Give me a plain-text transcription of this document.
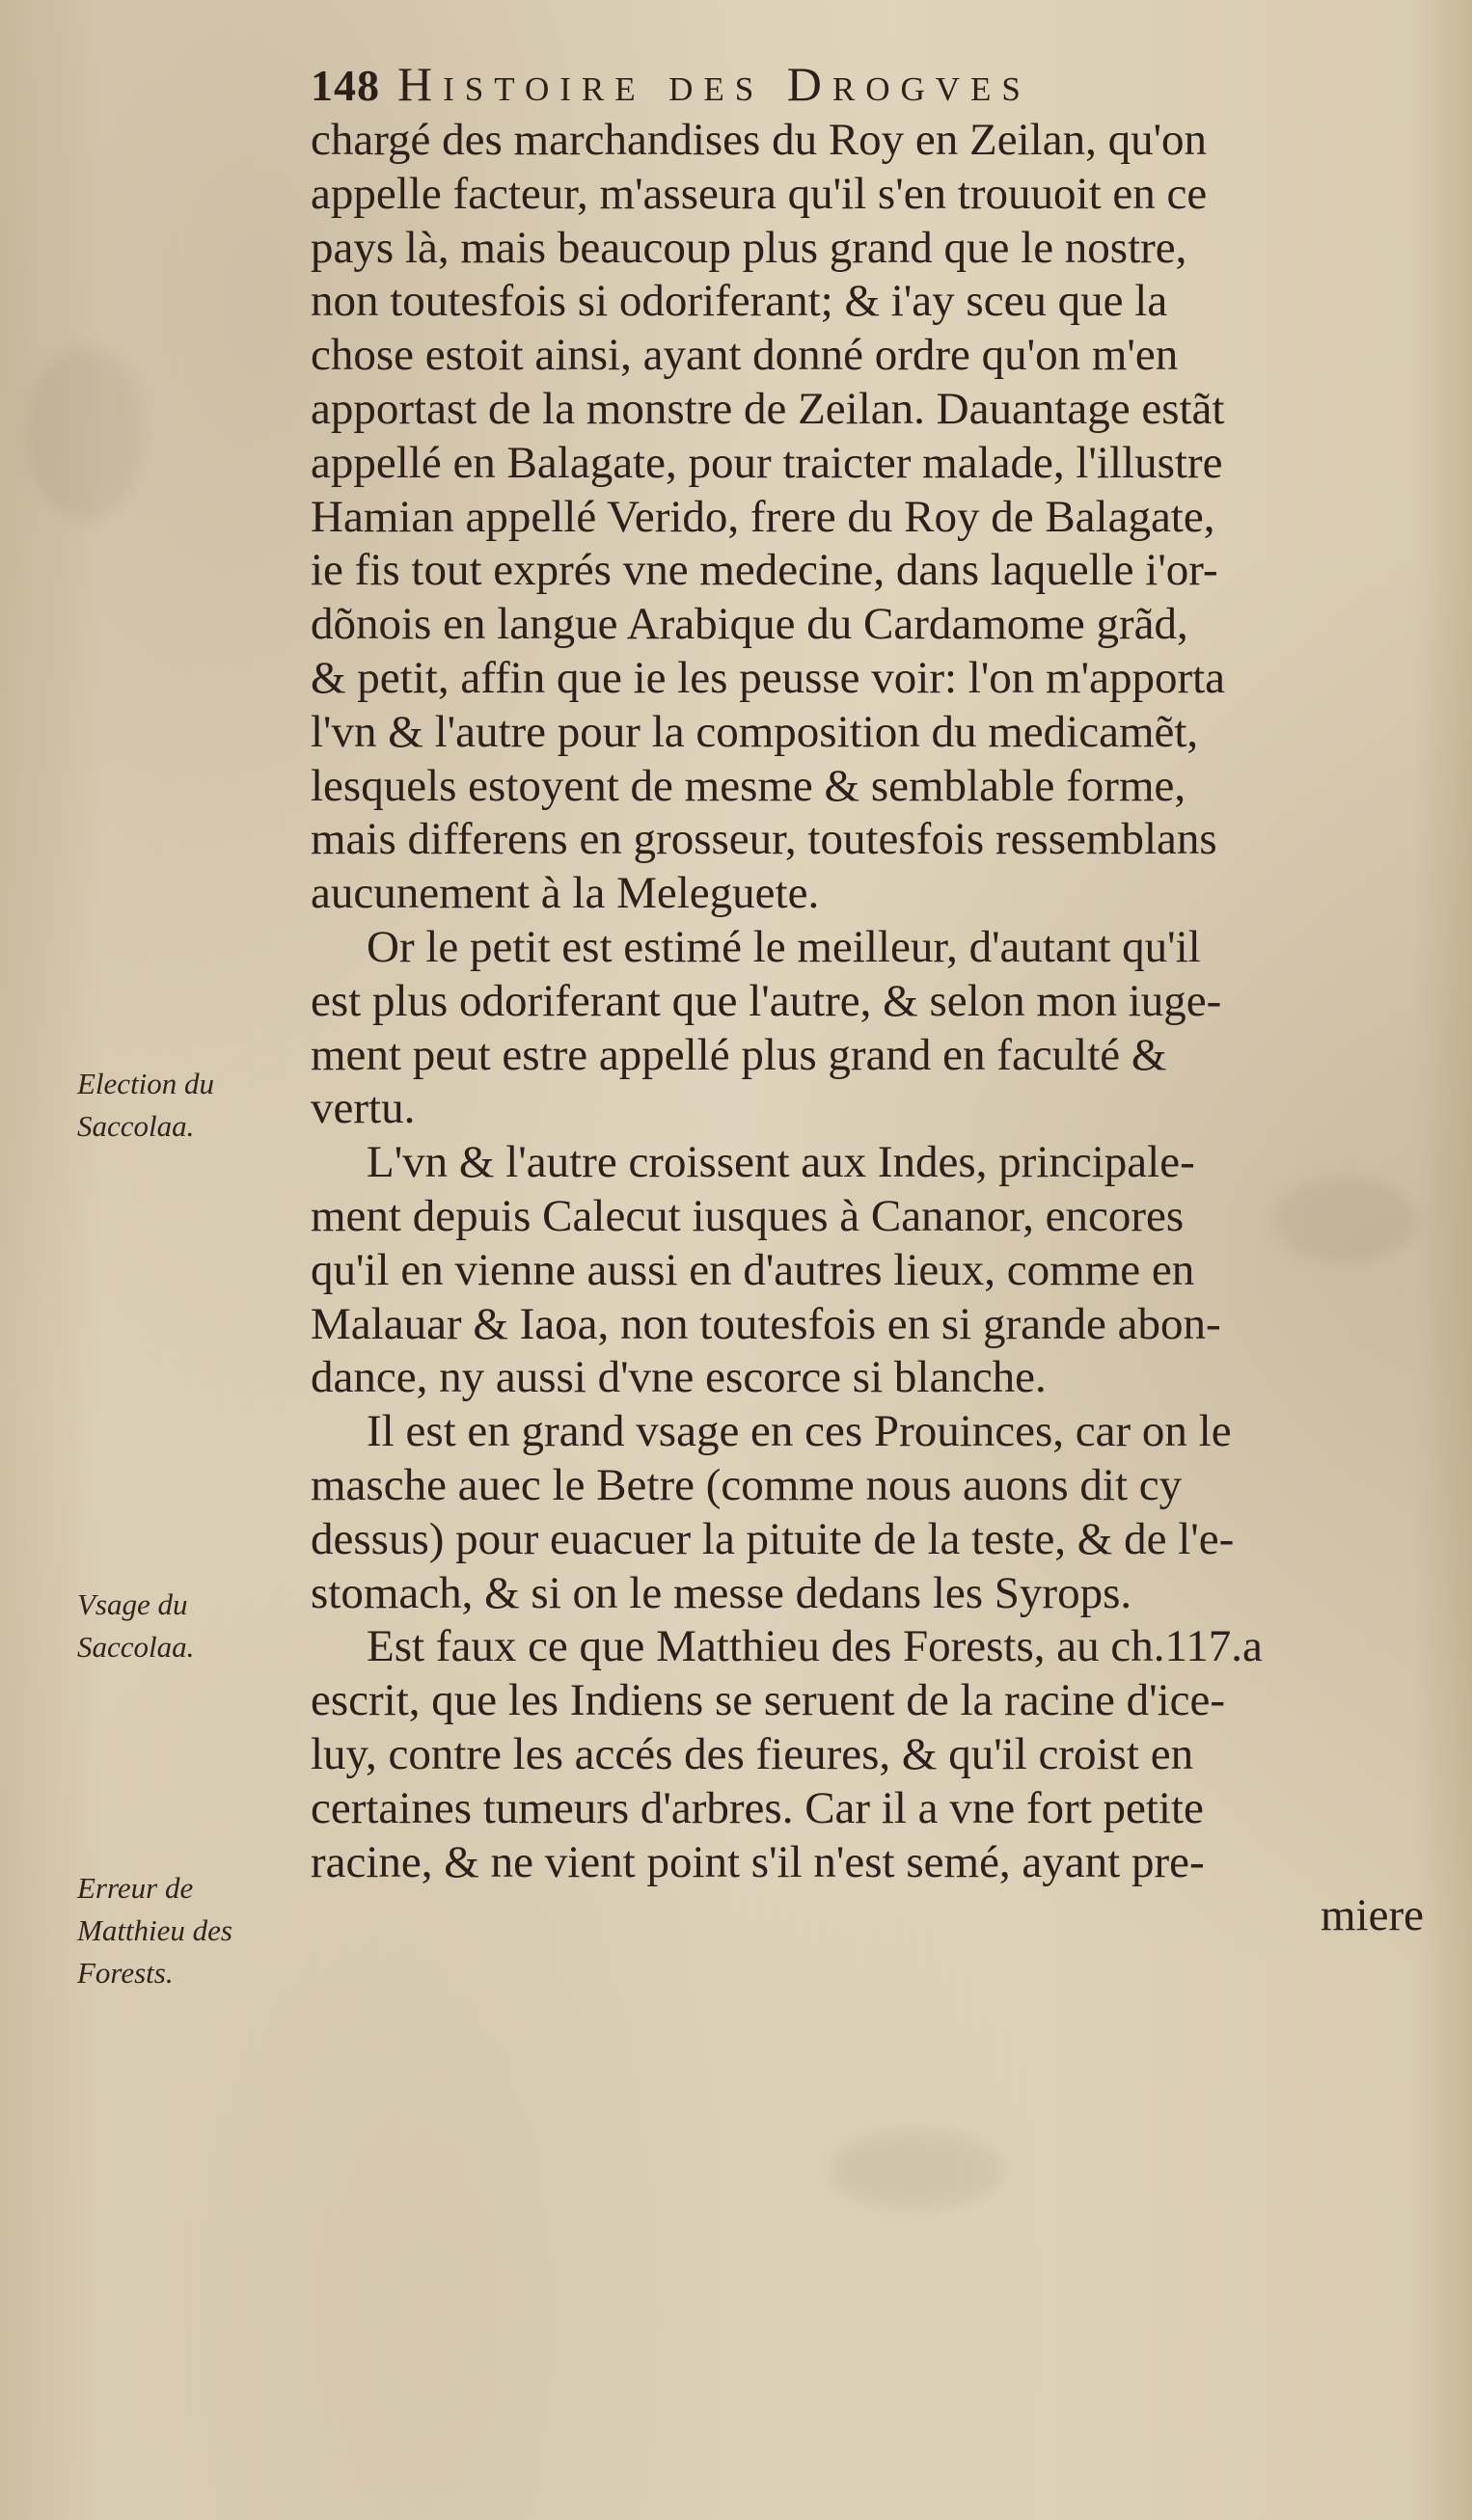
148 Histoire des Drogves
chargé des marchandises du Roy en Zeilan, qu'on
appelle facteur, m'asseura qu'il s'en trouuoit en ce
pays là, mais beaucoup plus grand que le nostre,
non toutesfois si odoriferant; & i'ay sceu que la
chose estoit ainsi, ayant donné ordre qu'on m'en
apportast de la monstre de Zeilan. Dauantage estãt
appellé en Balagate, pour traicter malade, l'illustre
Hamian appellé Verido, frere du Roy de Balagate,
ie fis tout exprés vne medecine, dans laquelle i'or-
dõnois en langue Arabique du Cardamome grãd,
& petit, affin que ie les peusse voir: l'on m'apporta
l'vn & l'autre pour la composition du medicamẽt,
lesquels estoyent de mesme & semblable forme,
mais differens en grosseur, toutesfois ressemblans
aucunement à la Meleguete.
Or le petit est estimé le meilleur, d'autant qu'il
est plus odoriferant que l'autre, & selon mon iuge-
ment peut estre appellé plus grand en faculté &
vertu.
L'vn & l'autre croissent aux Indes, principale-
ment depuis Calecut iusques à Cananor, encores
qu'il en vienne aussi en d'autres lieux, comme en
Malauar & Iaoa, non toutesfois en si grande abon-
dance, ny aussi d'vne escorce si blanche.
Il est en grand vsage en ces Prouinces, car on le
masche auec le Betre (comme nous auons dit cy
dessus) pour euacuer la pituite de la teste, & de l'e-
stomach, & si on le messe dedans les Syrops.
Est faux ce que Matthieu des Forests, au ch.117.a
escrit, que les Indiens se seruent de la racine d'ice-
luy, contre les accés des fieures, & qu'il croist en
certaines tumeurs d'arbres. Car il a vne fort petite
racine, & ne vient point s'il n'est semé, ayant pre-
miere
Election du
Saccolaa.
Vsage du
Saccolaa.
Erreur de
Matthieu des
Forests.
